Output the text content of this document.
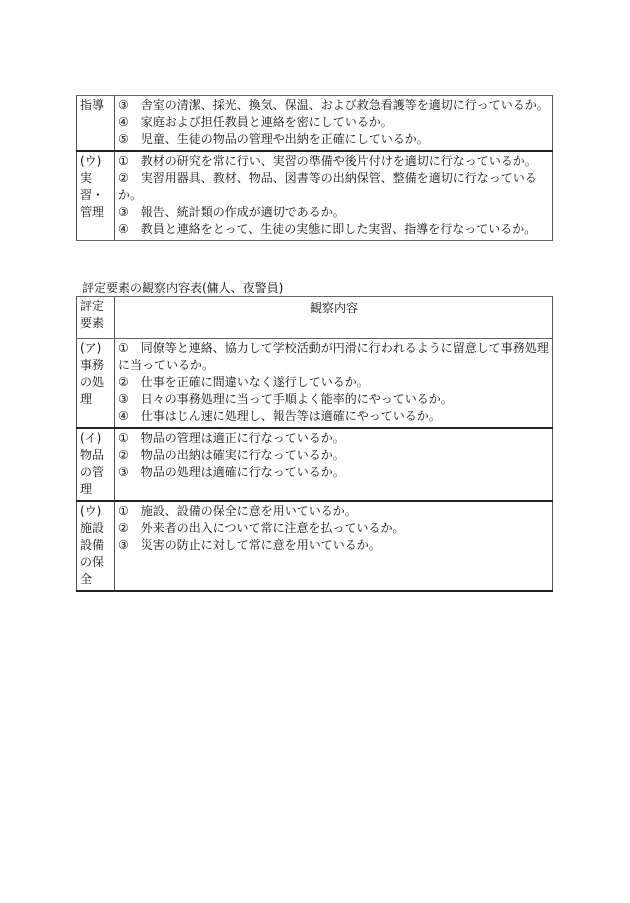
指導	③　舎室の清潔、採光、換気、保温、および救急看護等を適切に行っているか。
④　家庭および担任教員と連絡を密にしているか。
⑤　児童、生徒の物品の管理や出納を正確にしているか。

(ウ)
実
習・
管理	①　教材の研究を常に行い、実習の準備や後片付けを適切に行なっているか。
②　実習用器具、教材、物品、図書等の出納保管、整備を適切に行なっているか。
③　報告、統計類の作成が適切であるか。
④　教員と連絡をとって、生徒の実態に即した実習、指導を行なっているか。
評定要素の観察内容表(傭人、夜警員)
評定
要素	観察内容

(ア)
事務
の処
理	①　同僚等と連絡、協力して学校活動が円滑に行われるように留意して事務処理に当っているか。
②　仕事を正確に間違いなく遂行しているか。
③　日々の事務処理に当って手順よく能率的にやっているか。
④　仕事はじん速に処理し、報告等は適確にやっているか。

(イ)
物品
の管
理	①　物品の管理は適正に行なっているか。
②　物品の出納は確実に行なっているか。
③　物品の処理は適確に行なっているか。

(ウ)
施設
設備
の保
全	①　施設、設備の保全に意を用いているか。
②　外来者の出入について常に注意を払っているか。
③　災害の防止に対して常に意を用いているか。
